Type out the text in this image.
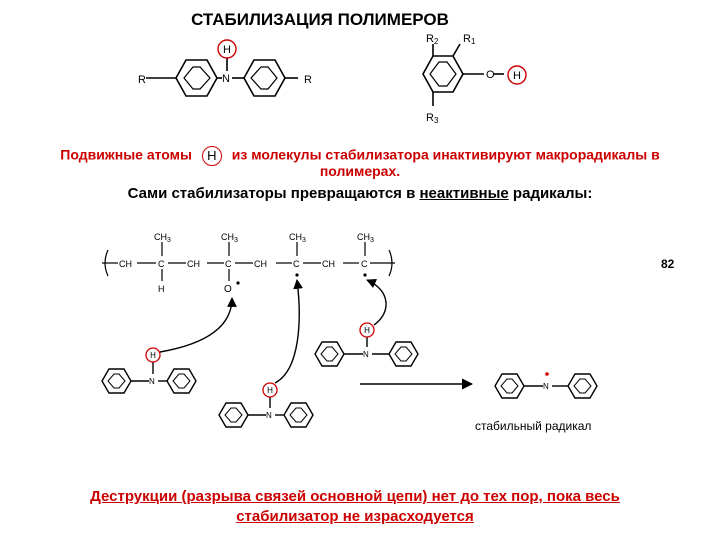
СТАБИЛИЗАЦИЯ ПОЛИМЕРОВ
R	N	R
H
R2 R1
R3
O H
CH	C	CH	C	CH	C	CH	C
$CH_3$	$CH_3$	$CH_3$	$CH_3$
H	O
N
H
N
H
N
H
N
стабильный радикал
Подвижные атомы H из молекулы стабилизатора инактивируют макрорадикалы в
полимерах.
Сами стабилизаторы превращаются в неактивные радикалы:
82
Деструкции (разрыва связей основной цепи) нет до тех пор, пока весь
стабилизатор не израсходуется
